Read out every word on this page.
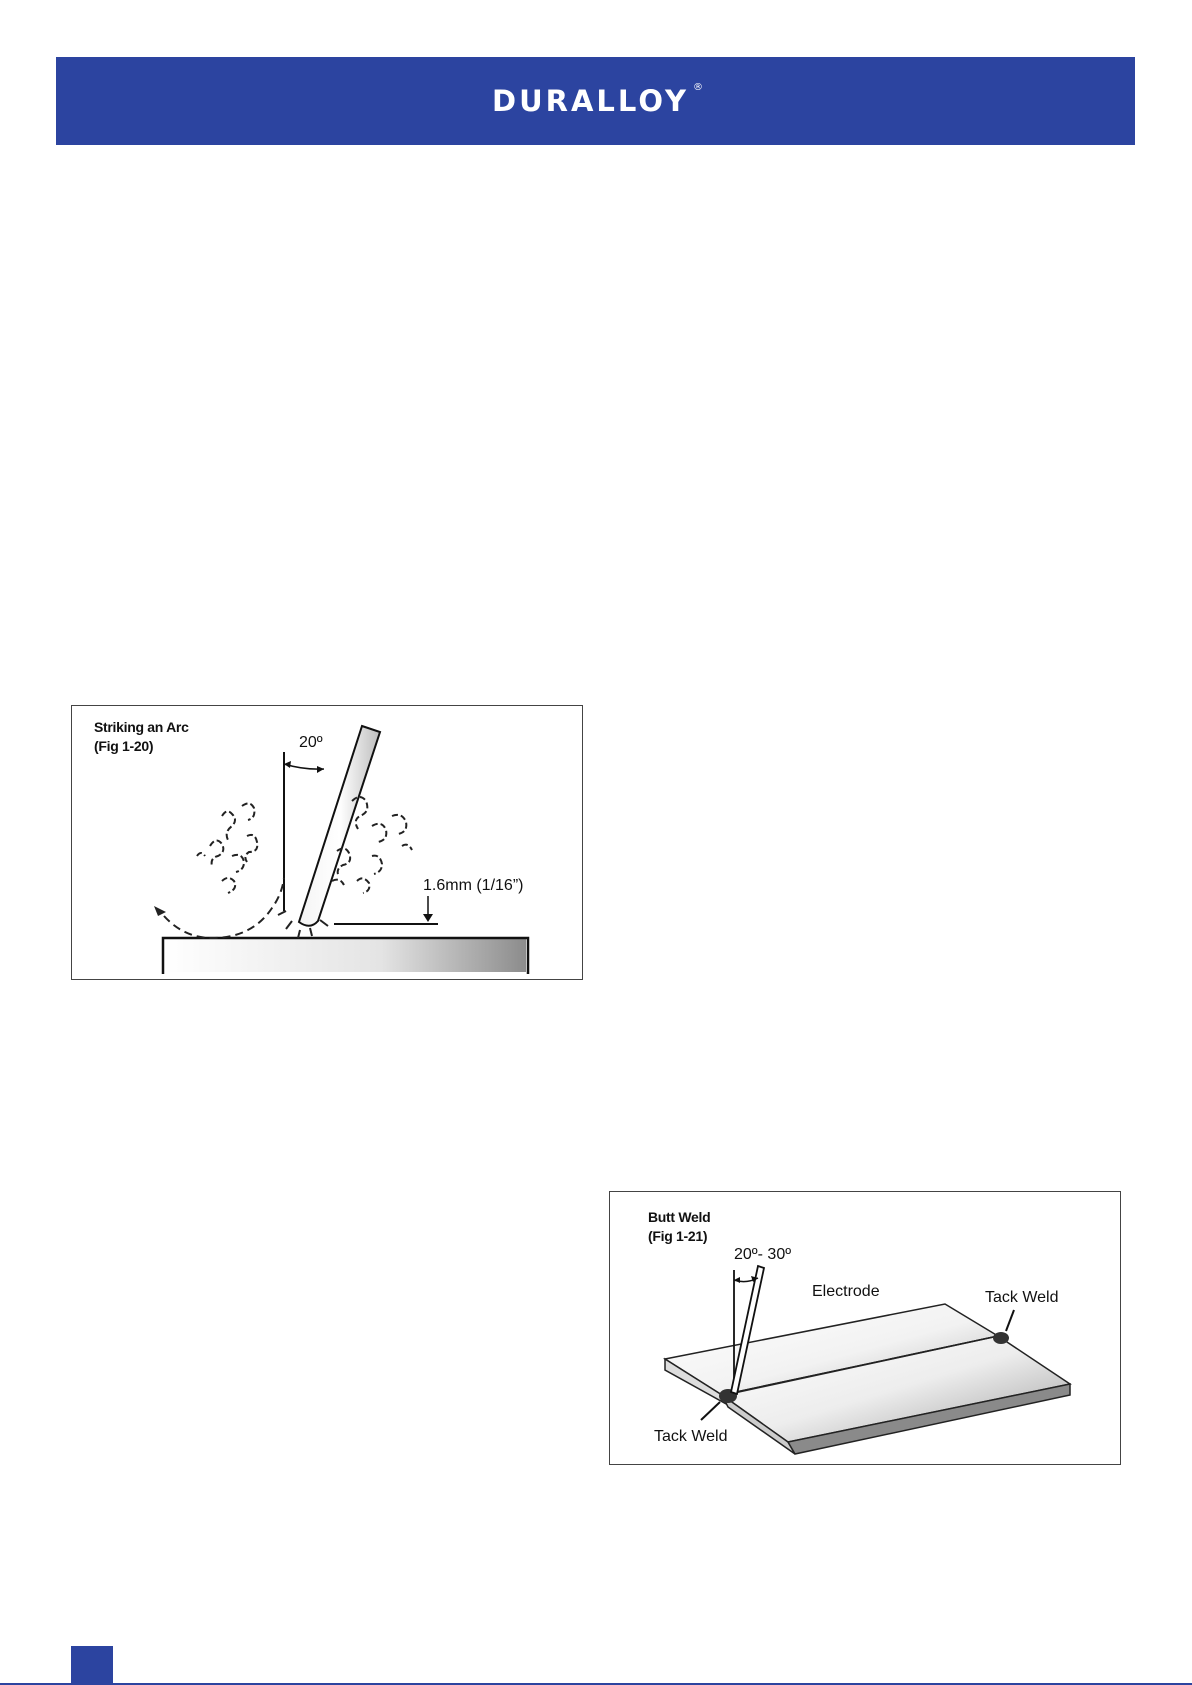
DURALLOY ®
Striking an Arc
(Fig 1-20)	20º
1.6mm (1/16”)
Butt Weld
(Fig 1-21)
20º- 30º
Electrode	Tack Weld
Tack Weld
